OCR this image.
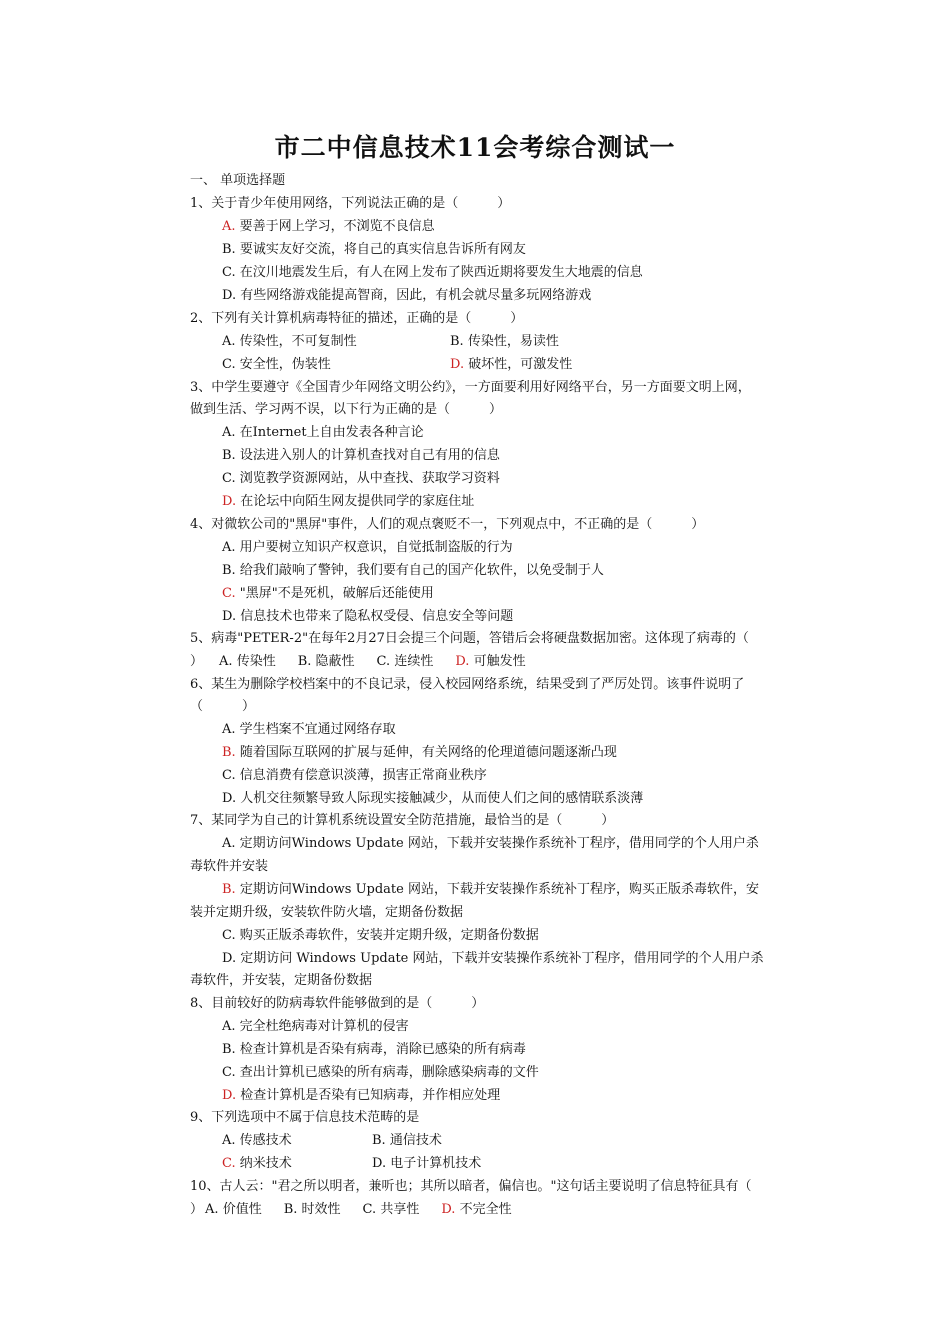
市二中信息技术11会考综合测试一
一、 单项选择题
1、关于青少年使用网络，下列说法正确的是（　　　）
A. 要善于网上学习，不浏览不良信息
B. 要诚实友好交流，将自己的真实信息告诉所有网友
C. 在汶川地震发生后，有人在网上发布了陕西近期将要发生大地震的信息
D. 有些网络游戏能提高智商，因此，有机会就尽量多玩网络游戏
2、下列有关计算机病毒特征的描述，正确的是（　　　）
A. 传染性，不可复制性	B. 传染性，易读性
C. 安全性，伪装性	D. 破坏性，可激发性
3、中学生要遵守《全国青少年网络文明公约》，一方面要利用好网络平台，另一方面要文明上网，
做到生活、学习两不误，以下行为正确的是（　　　）
A. 在Internet上自由发表各种言论
B. 设法进入别人的计算机查找对自己有用的信息
C. 浏览教学资源网站，从中查找、获取学习资料
D. 在论坛中向陌生网友提供同学的家庭住址
4、对微软公司的"黑屏"事件，人们的观点褒贬不一，下列观点中，不正确的是（　　　）
A. 用户要树立知识产权意识，自觉抵制盗版的行为
B. 给我们敲响了警钟，我们要有自己的国产化软件，以免受制于人
C. "黑屏"不是死机，破解后还能使用
D. 信息技术也带来了隐私权受侵、信息安全等问题
5、病毒"PETER-2"在每年2月27日会提三个问题，答错后会将硬盘数据加密。这体现了病毒的（
） A. 传染性 B. 隐蔽性 C. 连续性 D. 可触发性
6、某生为删除学校档案中的不良记录，侵入校园网络系统，结果受到了严厉处罚。该事件说明了
（　　　）
A. 学生档案不宜通过网络存取
B. 随着国际互联网的扩展与延伸，有关网络的伦理道德问题逐渐凸现
C. 信息消费有偿意识淡薄，损害正常商业秩序
D. 人机交往频繁导致人际现实接触减少，从而使人们之间的感情联系淡薄
7、某同学为自己的计算机系统设置安全防范措施，最恰当的是（　　　）
A. 定期访问Windows Update 网站，下载并安装操作系统补丁程序，借用同学的个人用户杀
毒软件并安装
B. 定期访问Windows Update 网站，下载并安装操作系统补丁程序，购买正版杀毒软件，安
装并定期升级，安装软件防火墙，定期备份数据
C. 购买正版杀毒软件，安装并定期升级，定期备份数据
D. 定期访问 Windows Update 网站，下载并安装操作系统补丁程序，借用同学的个人用户杀
毒软件，并安装，定期备份数据
8、目前较好的防病毒软件能够做到的是（　　　）
A. 完全杜绝病毒对计算机的侵害
B. 检查计算机是否染有病毒，消除已感染的所有病毒
C. 查出计算机已感染的所有病毒，删除感染病毒的文件
D. 检查计算机是否染有已知病毒，并作相应处理
9、下列选项中不属于信息技术范畴的是
A. 传感技术	B. 通信技术
C. 纳米技术	D. 电子计算机技术
10、古人云："君之所以明者，兼听也；其所以暗者，偏信也。"这句话主要说明了信息特征具有（
） A. 价值性 B. 时效性 C. 共享性 D. 不完全性
